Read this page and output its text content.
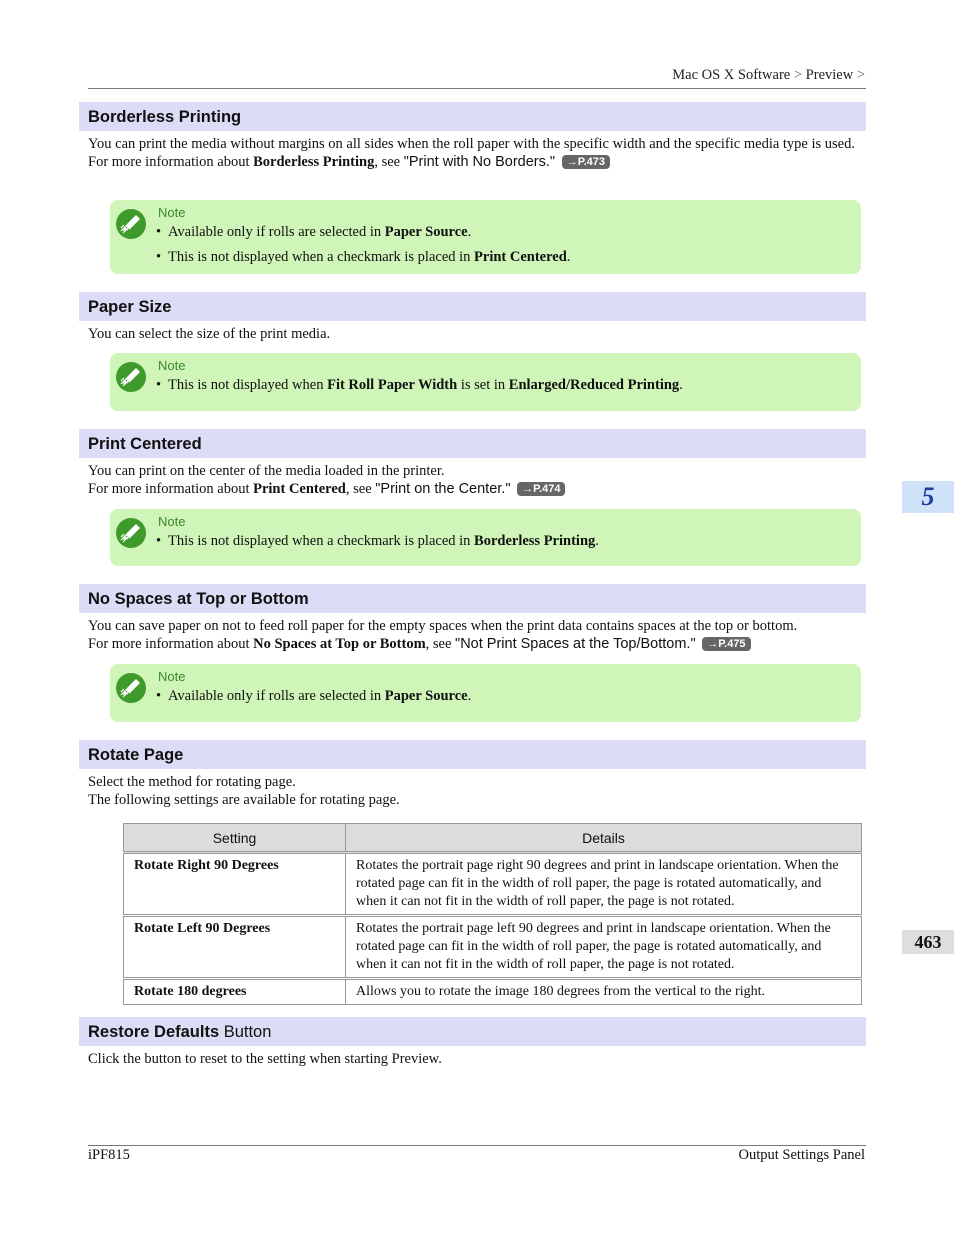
Mac OS X Software > Preview >
Borderless Printing

You can print the media without margins on all sides when the roll paper with the specific width and the specific media type is used.

For more information about Borderless Printing, see "Print with No Borders." →P.473

Note
• Available only if rolls are selected in Paper Source.
• This is not displayed when a checkmark is placed in Print Centered.
Paper Size

You can select the size of the print media.

Note
• This is not displayed when Fit Roll Paper Width is set in Enlarged/Reduced Printing.
Print Centered

You can print on the center of the media loaded in the printer.

For more information about Print Centered, see "Print on the Center." →P.474

Note
• This is not displayed when a checkmark is placed in Borderless Printing.
No Spaces at Top or Bottom

You can save paper on not to feed roll paper for the empty spaces when the print data contains spaces at the top or bottom.

For more information about No Spaces at Top or Bottom, see "Not Print Spaces at the Top/Bottom." →P.475

Note
• Available only if rolls are selected in Paper Source.
Rotate Page

Select the method for rotating page.

The following settings are available for rotating page.

Setting	Details
Rotate Right 90 Degrees	Rotates the portrait page right 90 degrees and print in landscape orientation. When the rotated page can fit in the width of roll paper, the page is rotated automatically, and when it can not fit in the width of roll paper, the page is not rotated.
Rotate Left 90 Degrees	Rotates the portrait page left 90 degrees and print in landscape orientation. When the rotated page can fit in the width of roll paper, the page is rotated automatically, and when it can not fit in the width of roll paper, the page is not rotated.
Rotate 180 degrees	Allows you to rotate the image 180 degrees from the vertical to the right.
Restore Defaults Button

Click the button to reset to the setting when starting Preview.

5
463
iPF815	Output Settings Panel
